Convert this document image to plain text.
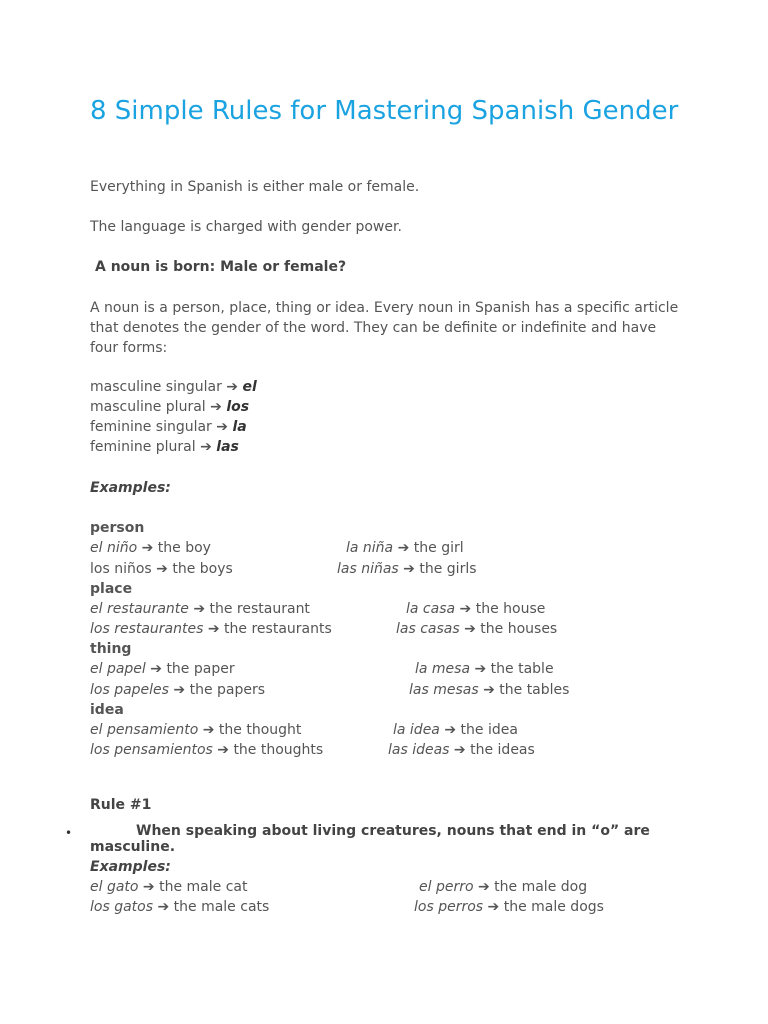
8 Simple Rules for Mastering Spanish Gender
Everything in Spanish is either male or female.
The language is charged with gender power.
A noun is born: Male or female?
A noun is a person, place, thing or idea. Every noun in Spanish has a specific article
that denotes the gender of the word. They can be definite or indefinite and have
four forms:
masculine singular ➔ el
masculine plural ➔ los
feminine singular ➔ la
feminine plural ➔ las
Examples:
person
el niño ➔ the boy	la niña ➔ the girl
los niños ➔ the boys	las niñas ➔ the girls
place
el restaurante ➔ the restaurant	la casa ➔ the house
los restaurantes ➔ the restaurants	las casas ➔ the houses
thing
el papel ➔ the paper	la mesa ➔ the table
los papeles ➔ the papers	las mesas ➔ the tables
idea
el pensamiento ➔ the thought	la idea ➔ the idea
los pensamientos ➔ the thoughts	las ideas ➔ the ideas
Rule #1
•	When speaking about living creatures, nouns that end in “o” are
masculine.
Examples:
el gato ➔ the male cat	el perro ➔ the male dog
los gatos ➔ the male cats	los perros ➔ the male dogs
